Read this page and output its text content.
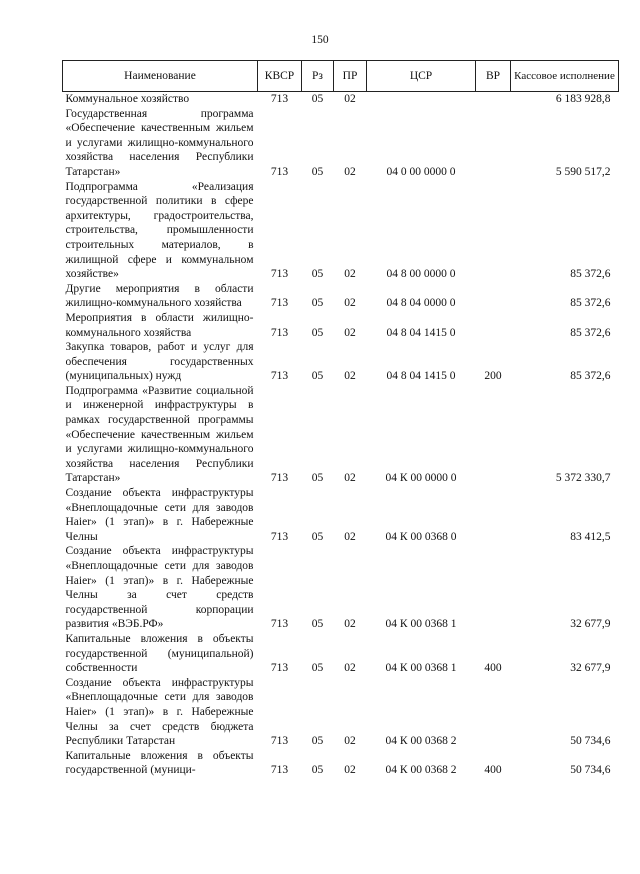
150
Наименование	КВСР	Рз	ПР	ЦСР	ВР	Кассовое исполнение
Коммунальное хозяйство	713	05	02			6 183 928,8
Государственная программа «Обеспечение качественным жильем и услугами жилищно-коммунального хозяйства населения Республики Татарстан»	713	05	02	04 0 00 0000 0		5 590 517,2
Подпрограмма «Реализация государственной политики в сфере архитектуры, градостроительства, строительства, промышленности строительных материалов, в жилищной сфере и коммунальном хозяйстве»	713	05	02	04 8 00 0000 0		85 372,6
Другие мероприятия в области жилищно-коммунального хозяйства	713	05	02	04 8 04 0000 0		85 372,6
Мероприятия в области жилищно-коммунального хозяйства	713	05	02	04 8 04 1415 0		85 372,6
Закупка товаров, работ и услуг для обеспечения государственных (муниципальных) нужд	713	05	02	04 8 04 1415 0	200	85 372,6
Подпрограмма «Развитие социальной и инженерной инфраструктуры в рамках государственной программы «Обеспечение качественным жильем и услугами жилищно-коммунального хозяйства населения Республики Татарстан»	713	05	02	04 К 00 0000 0		5 372 330,7
Создание объекта инфраструктуры «Внеплощадочные сети для заводов Haier» (1 этап)» в г. Набережные Челны	713	05	02	04 К 00 0368 0		83 412,5
Создание объекта инфраструктуры «Внеплощадочные сети для заводов Haier» (1 этап)» в г. Набережные Челны за счет средств государственной корпорации развития «ВЭБ.РФ»	713	05	02	04 К 00 0368 1		32 677,9
Капитальные вложения в объекты государственной (муниципальной) собственности	713	05	02	04 К 00 0368 1	400	32 677,9
Создание объекта инфраструктуры «Внеплощадочные сети для заводов Haier» (1 этап)» в г. Набережные Челны за счет средств бюджета Республики Татарстан	713	05	02	04 К 00 0368 2		50 734,6
Капитальные вложения в объекты государственной (муници-	713	05	02	04 К 00 0368 2	400	50 734,6
